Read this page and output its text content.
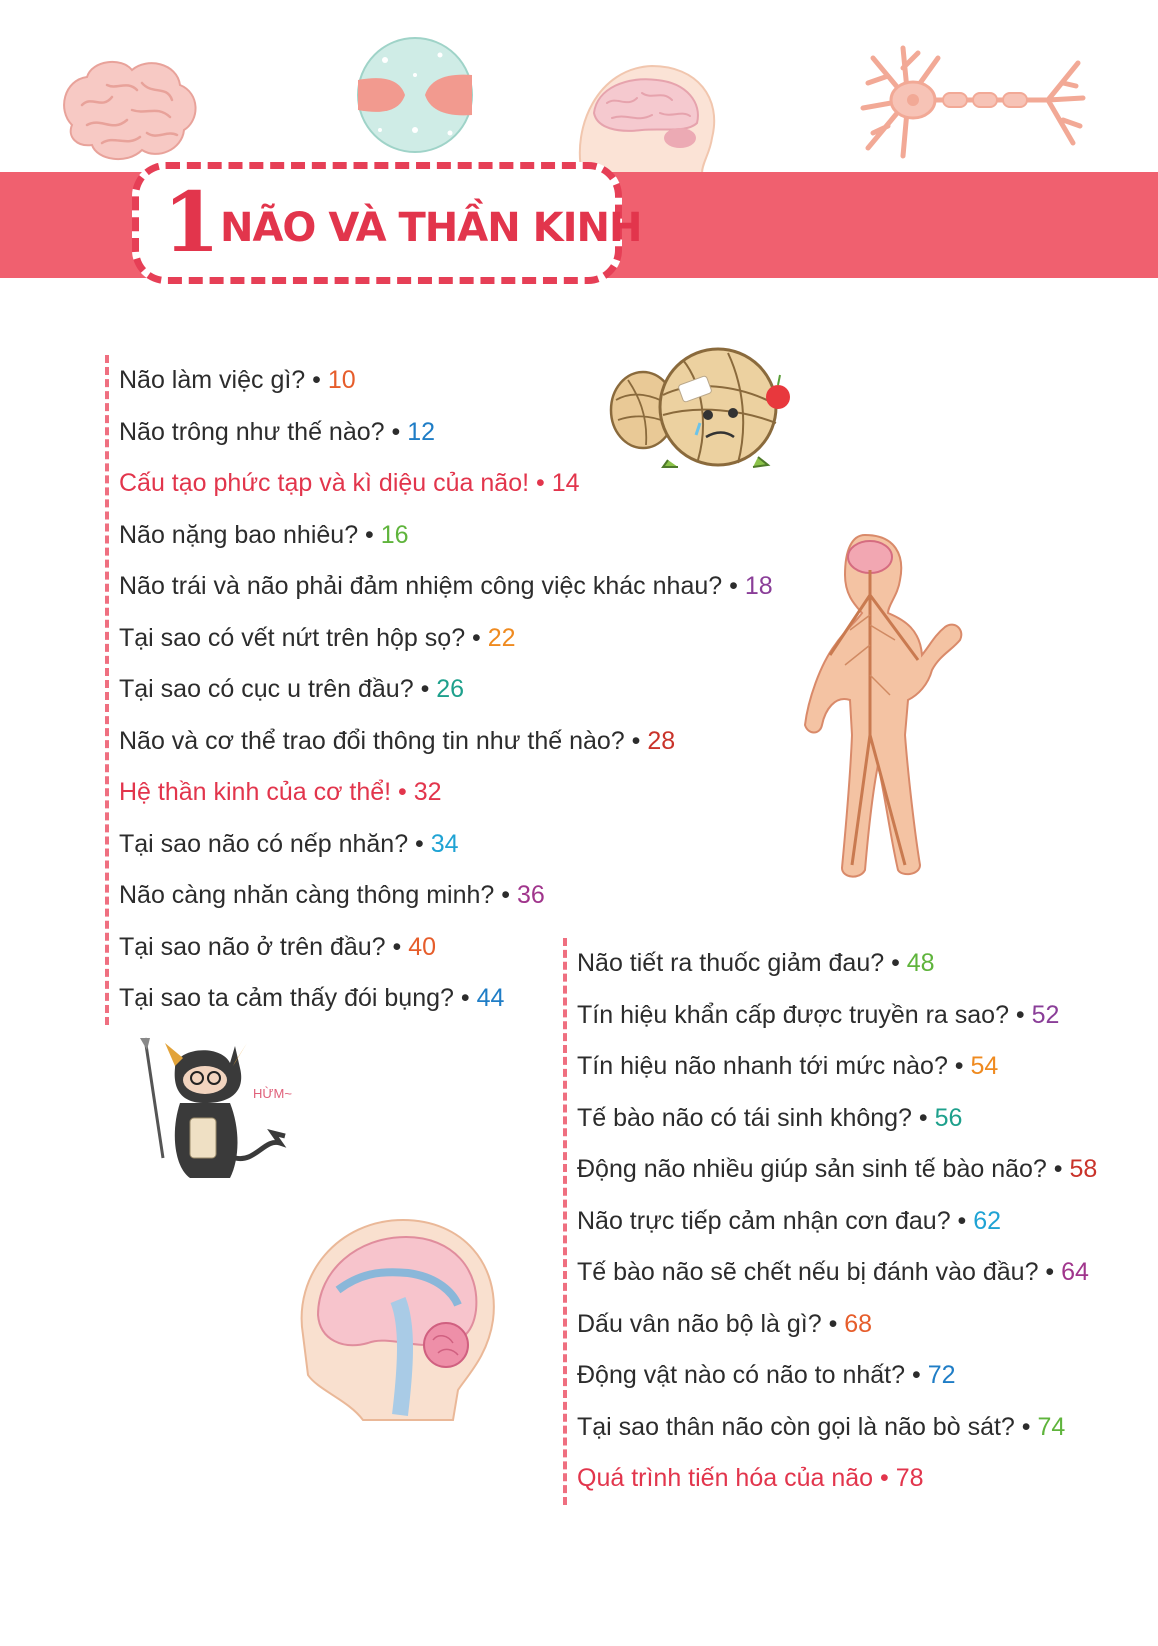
1 NÃO VÀ THẦN KINH
Não làm việc gì? • 10
Não trông như thế nào? • 12
Cấu tạo phức tạp và kì diệu của não! • 14
Não nặng bao nhiêu? • 16
Não trái và não phải đảm nhiệm công việc khác nhau? • 18
Tại sao có vết nứt trên hộp sọ? • 22
Tại sao có cục u trên đầu? • 26
Não và cơ thể trao đổi thông tin như thế nào? • 28
Hệ thần kinh của cơ thể! • 32
Tại sao não có nếp nhăn? • 34
Não càng nhăn càng thông minh? • 36
Tại sao não ở trên đầu? • 40
Tại sao ta cảm thấy đói bụng? • 44
Não tiết ra thuốc giảm đau? • 48
Tín hiệu khẩn cấp được truyền ra sao? • 52
Tín hiệu não nhanh tới mức nào? • 54
Tế bào não có tái sinh không? • 56
Động não nhiều giúp sản sinh tế bào não? • 58
Não trực tiếp cảm nhận cơn đau? • 62
Tế bào não sẽ chết nếu bị đánh vào đầu? • 64
Dấu vân não bộ là gì? • 68
Động vật nào có não to nhất? • 72
Tại sao thân não còn gọi là não bò sát? • 74
Quá trình tiến hóa của não • 78
HỪM~
